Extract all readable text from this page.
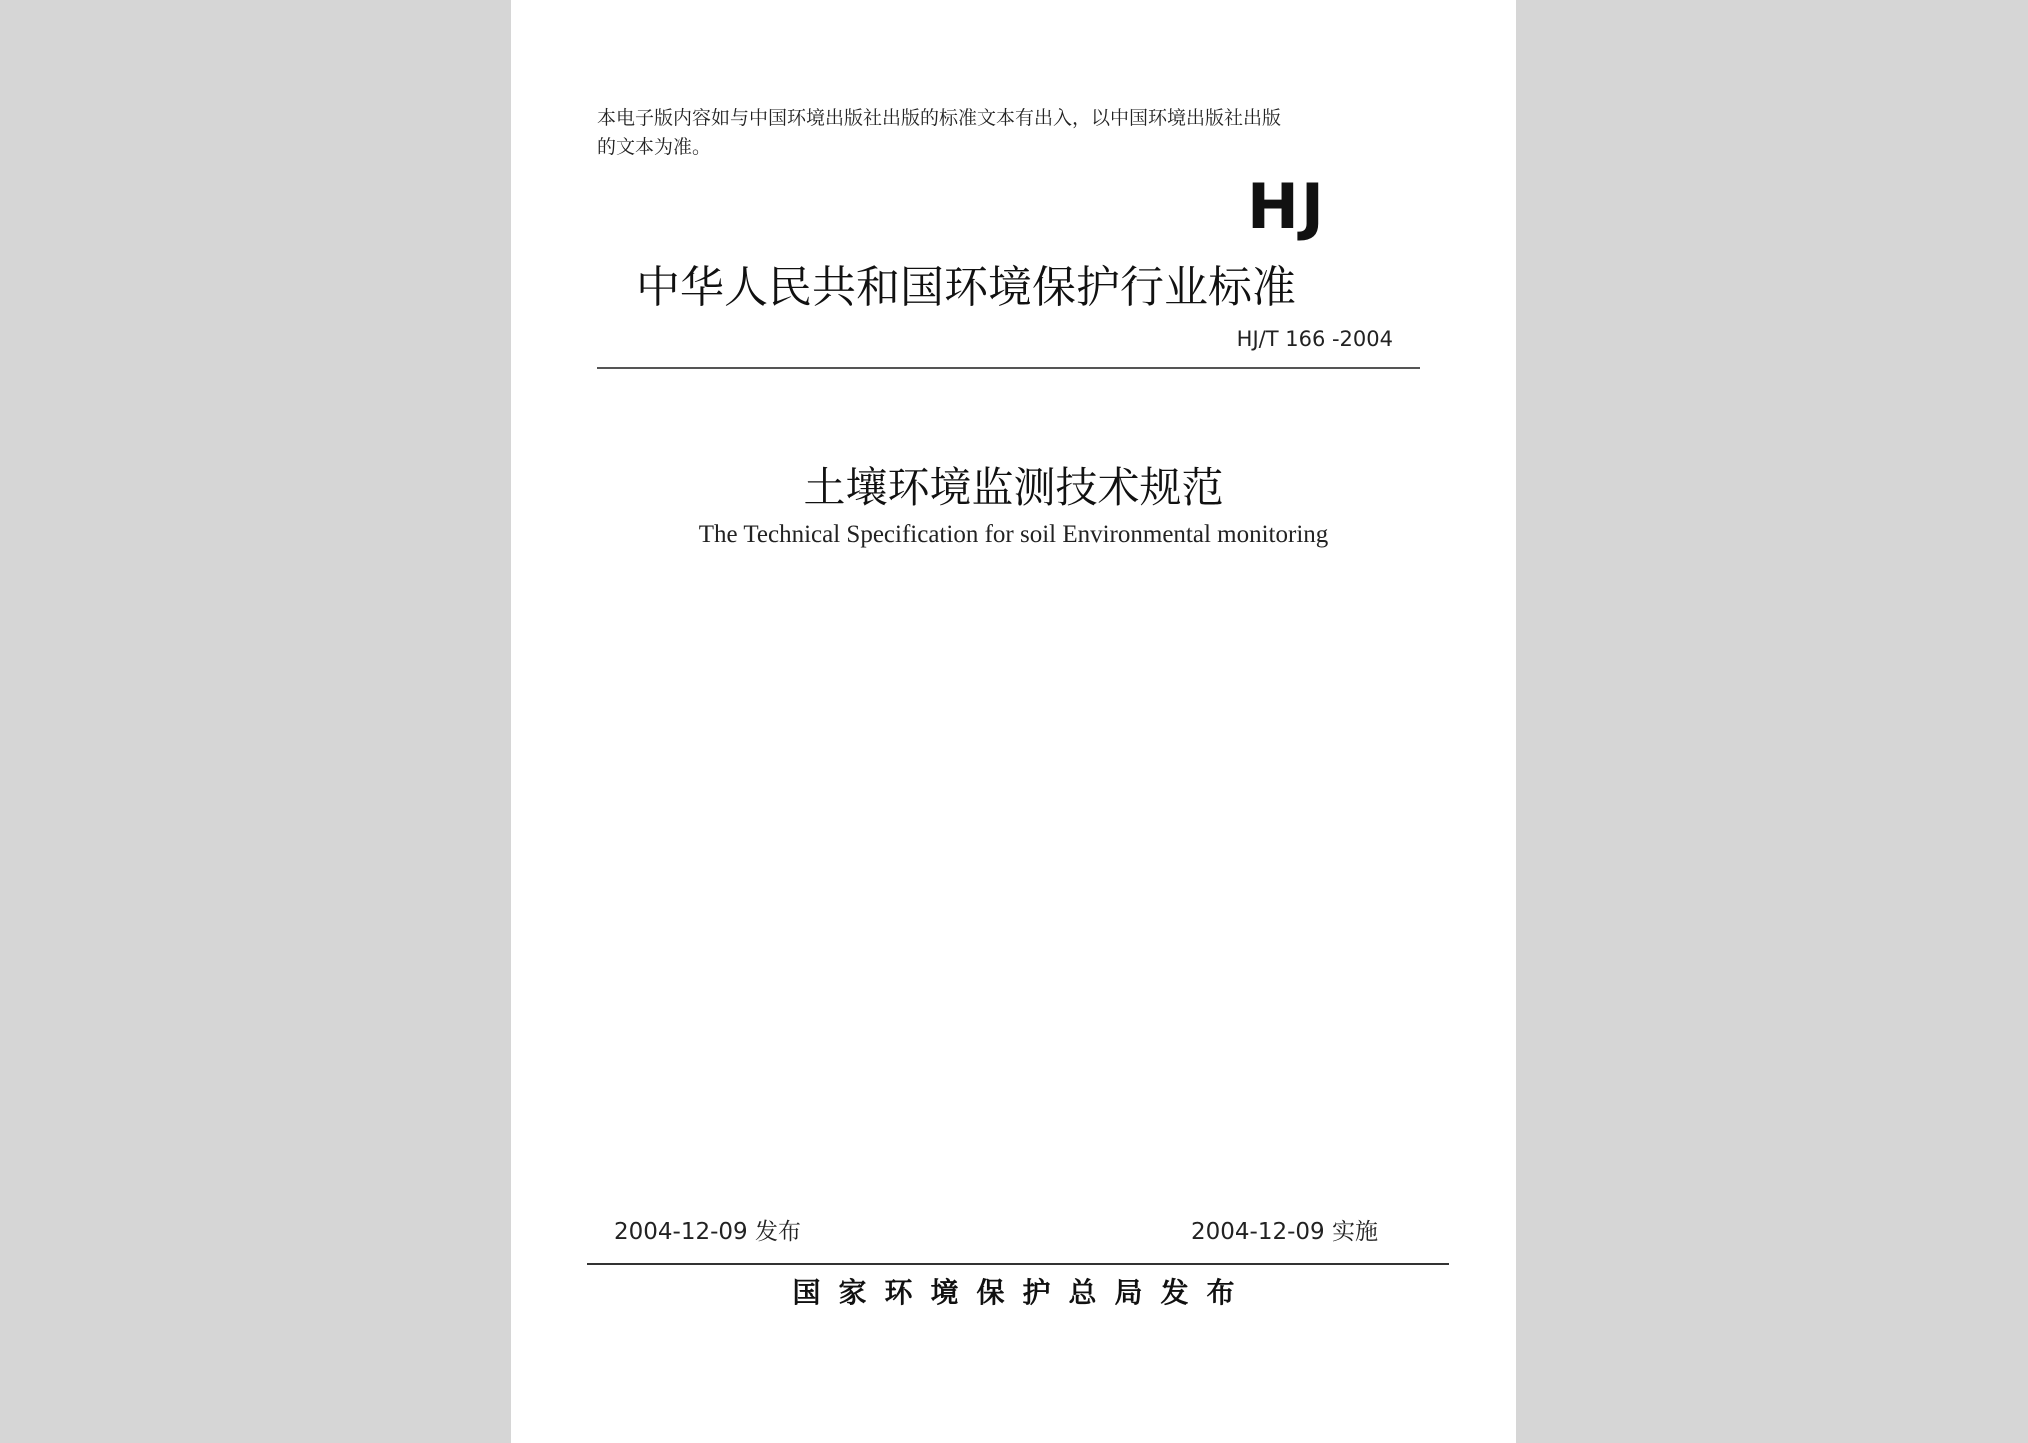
本电子版内容如与中国环境出版社出版的标准文本有出入，以中国环境出版社出版
的文本为准。
HJ
中华人民共和国环境保护行业标准
HJ/T 166 -2004
土壤环境监测技术规范
The Technical Specification for soil Environmental monitoring
2004-12-09 发布	2004-12-09 实施
国家环境保护总局发布
